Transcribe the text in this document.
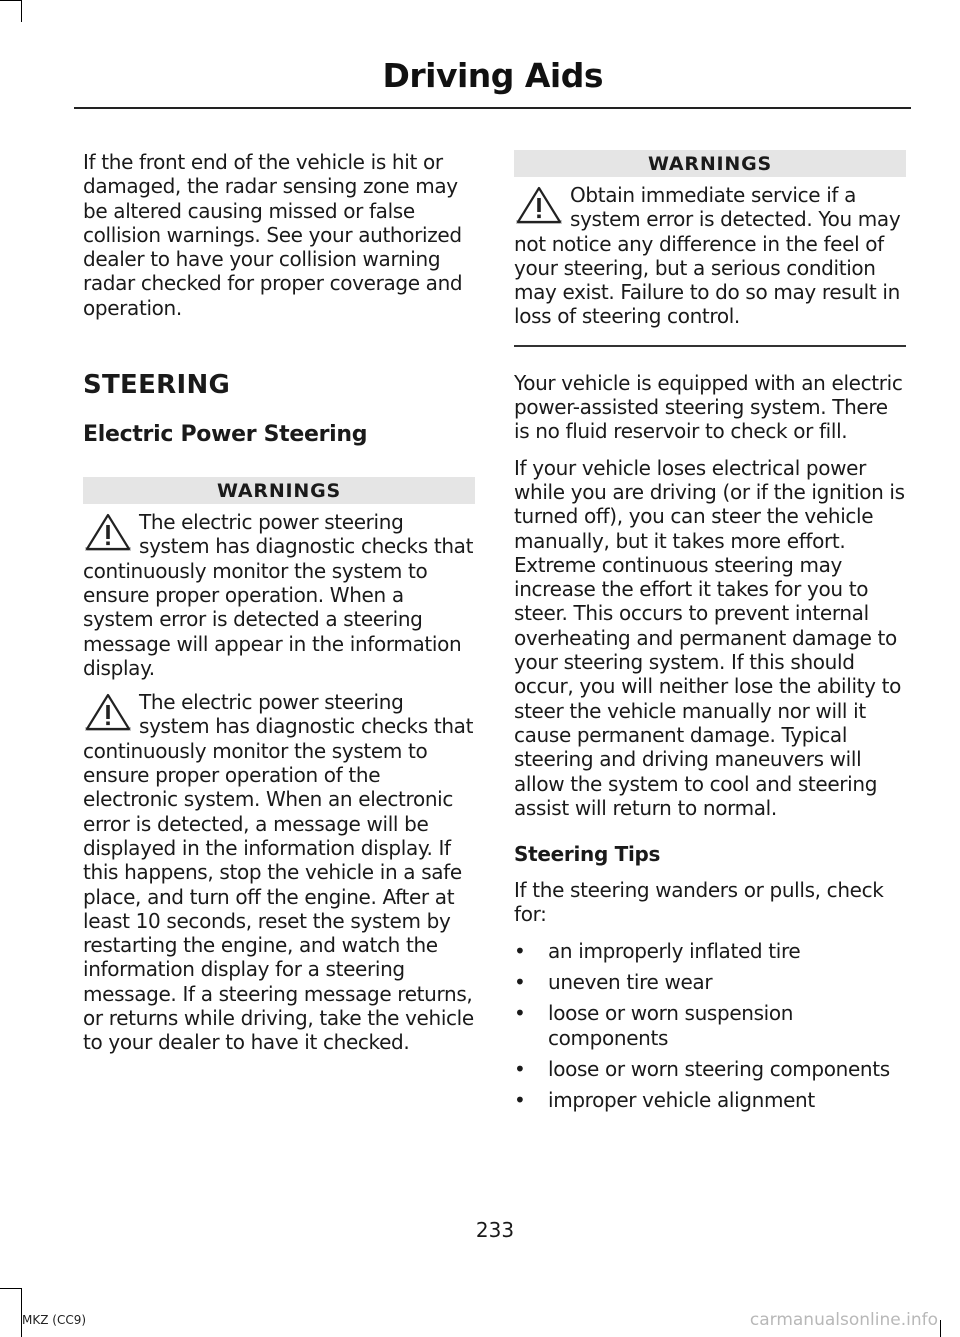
Driving Aids

If the front end of the vehicle is hit or damaged, the radar sensing zone may be altered causing missed or false collision warnings. See your authorized dealer to have your collision warning radar checked for proper coverage and operation.

STEERING
Electric Power Steering
WARNINGS

The electric power steering system has diagnostic checks that continuously monitor the system to ensure proper operation. When a system error is detected a steering message will appear in the information display.

The electric power steering system has diagnostic checks that continuously monitor the system to ensure proper operation of the electronic system. When an electronic error is detected, a message will be displayed in the information display. If this happens, stop the vehicle in a safe place, and turn off the engine. After at least 10 seconds, reset the system by restarting the engine, and watch the information display for a steering message. If a steering message returns, or returns while driving, take the vehicle to your dealer to have it checked.

WARNINGS

Obtain immediate service if a system error is detected. You may not notice any difference in the feel of your steering, but a serious condition may exist. Failure to do so may result in loss of steering control.

Your vehicle is equipped with an electric power-assisted steering system. There is no fluid reservoir to check or fill.

If your vehicle loses electrical power while you are driving (or if the ignition is turned off), you can steer the vehicle manually, but it takes more effort. Extreme continuous steering may increase the effort it takes for you to steer. This occurs to prevent internal overheating and permanent damage to your steering system. If this should occur, you will neither lose the ability to steer the vehicle manually nor will it cause permanent damage. Typical steering and driving maneuvers will allow the system to cool and steering assist will return to normal.

Steering Tips

If the steering wanders or pulls, check for:

• an improperly inflated tire
• uneven tire wear
• loose or worn suspension components
• loose or worn steering components
• improper vehicle alignment
233
MKZ (CC9)	carmanualsonline.info
